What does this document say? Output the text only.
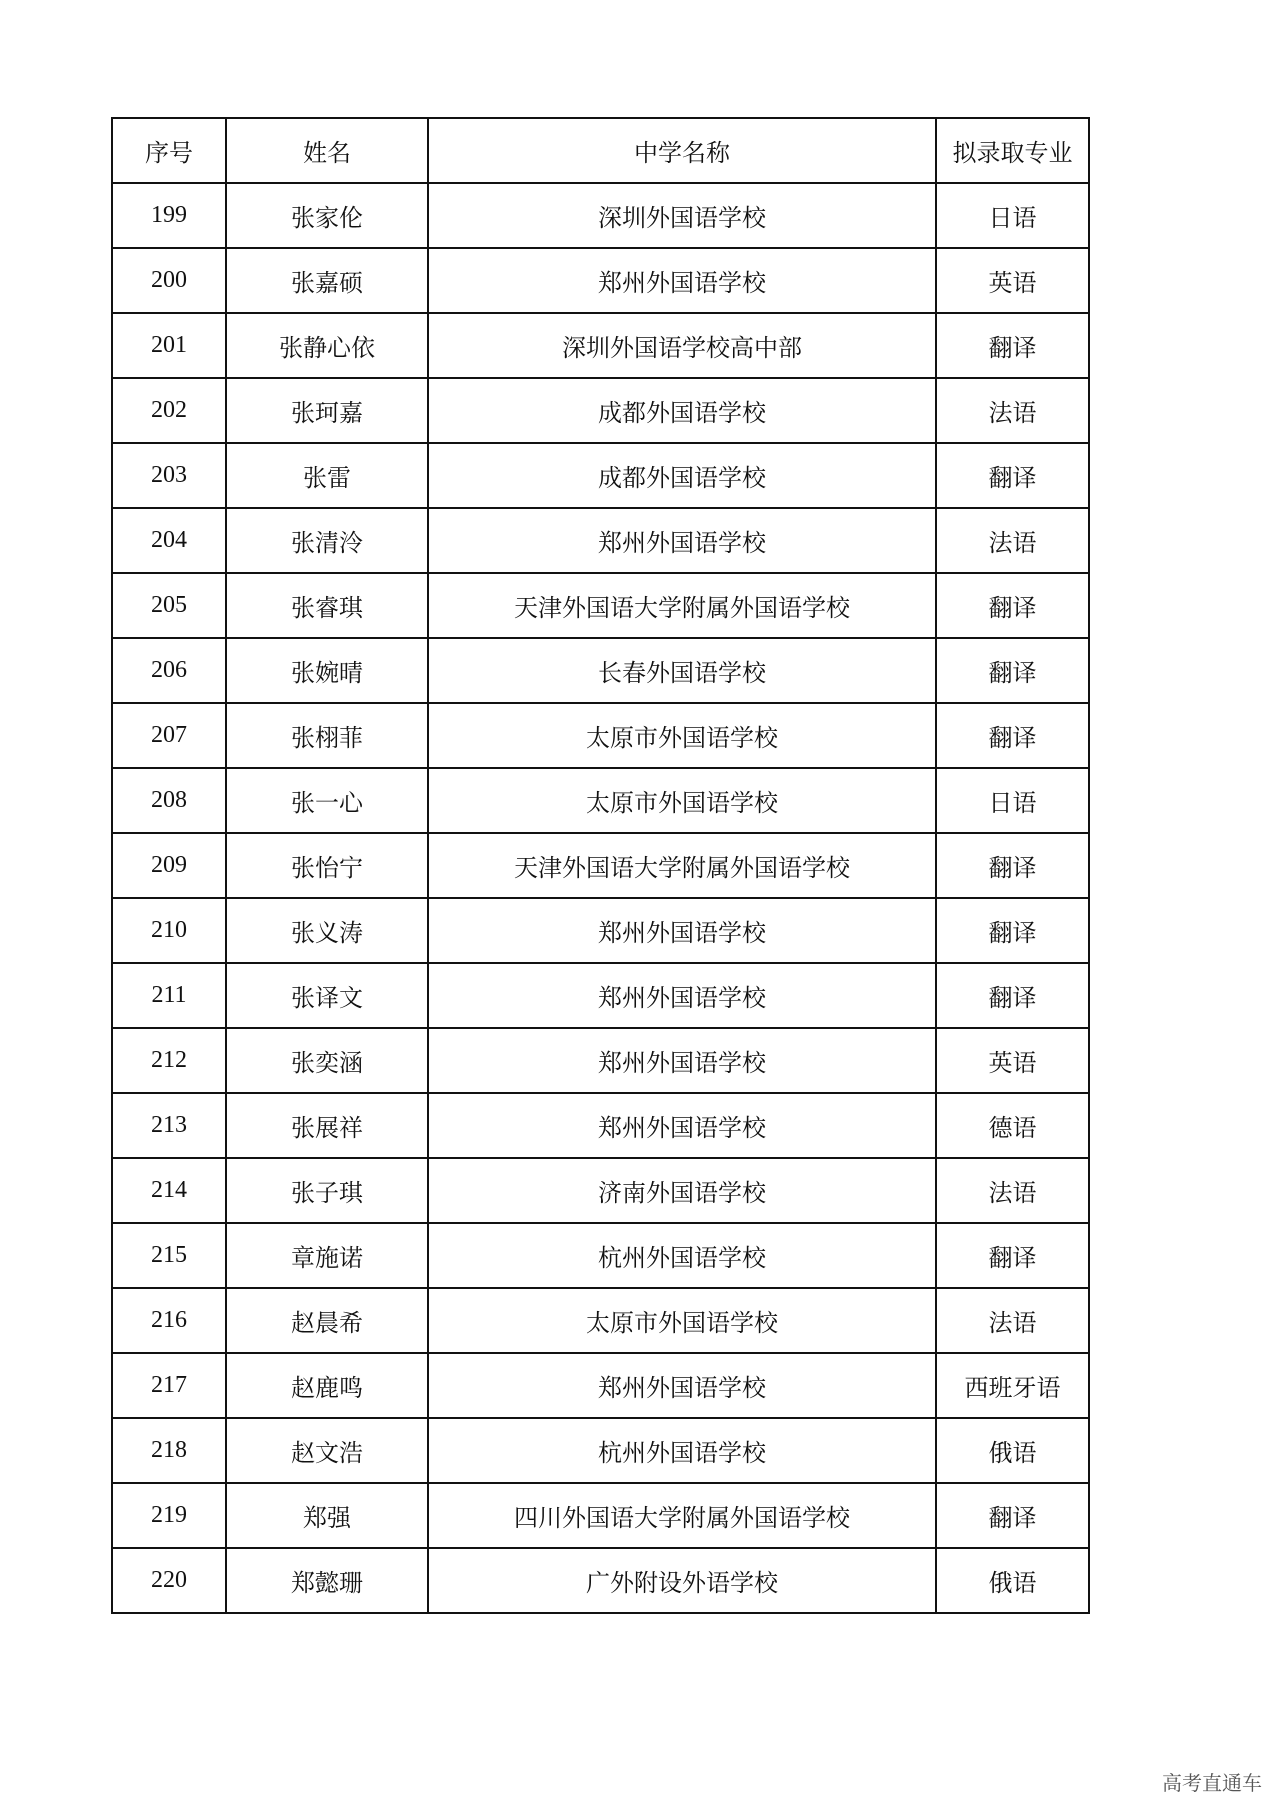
序号	姓名	中学名称	拟录取专业
199	张家伦	深圳外国语学校	日语
200	张嘉硕	郑州外国语学校	英语
201	张静心依	深圳外国语学校高中部	翻译
202	张珂嘉	成都外国语学校	法语
203	张雷	成都外国语学校	翻译
204	张清泠	郑州外国语学校	法语
205	张睿琪	天津外国语大学附属外国语学校	翻译
206	张婉晴	长春外国语学校	翻译
207	张栩菲	太原市外国语学校	翻译
208	张一心	太原市外国语学校	日语
209	张怡宁	天津外国语大学附属外国语学校	翻译
210	张义涛	郑州外国语学校	翻译
211	张译文	郑州外国语学校	翻译
212	张奕涵	郑州外国语学校	英语
213	张展祥	郑州外国语学校	德语
214	张子琪	济南外国语学校	法语
215	章施诺	杭州外国语学校	翻译
216	赵晨希	太原市外国语学校	法语
217	赵鹿鸣	郑州外国语学校	西班牙语
218	赵文浩	杭州外国语学校	俄语
219	郑强	四川外国语大学附属外国语学校	翻译
220	郑懿珊	广外附设外语学校	俄语
高考直通车
